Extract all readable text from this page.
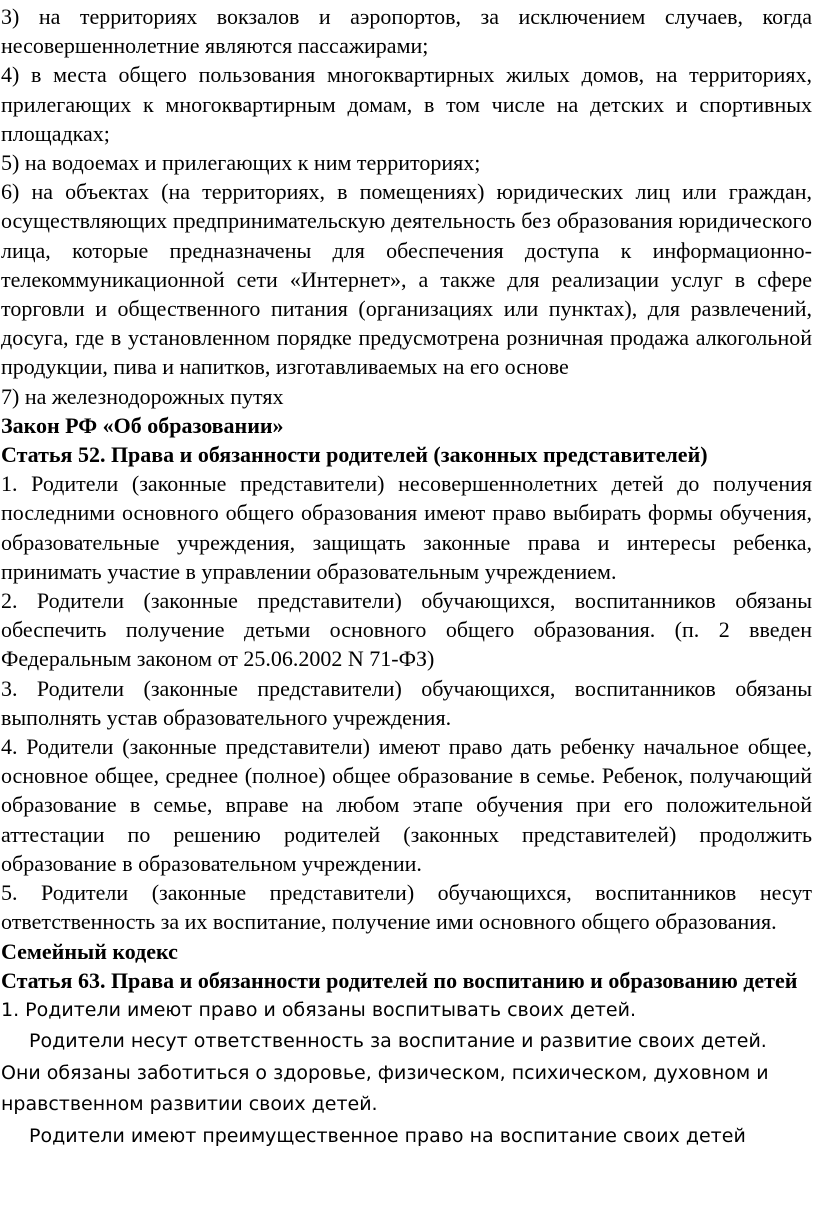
3) на территориях вокзалов и аэропортов, за исключением случаев, когда несовершеннолетние являются пассажирами;

4) в места общего пользования многоквартирных жилых домов, на территориях, прилегающих к многоквартирным домам, в том числе на детских и спортивных площадках;

5) на водоемах и прилегающих к ним территориях;

6) на объектах (на территориях, в помещениях) юридических лиц или граждан, осуществляющих предпринимательскую деятельность без образования юридического лица, которые предназначены для обеспечения доступа к информационно-телекоммуникационной сети «Интернет», а также для реализации услуг в сфере торговли и общественного питания (организациях или пунктах), для развлечений, досуга, где в установленном порядке предусмотрена розничная продажа алкогольной продукции, пива и напитков, изготавливаемых на его основе

7) на железнодорожных путях

Закон РФ «Об образовании»

Статья 52. Права и обязанности родителей (законных представителей)

1. Родители (законные представители) несовершеннолетних детей до получения последними основного общего образования имеют право выбирать формы обучения, образовательные учреждения, защищать законные права и интересы ребенка, принимать участие в управлении образовательным учреждением.

2. Родители (законные представители) обучающихся, воспитанников обязаны обеспечить получение детьми основного общего образования. (п. 2 введен Федеральным законом от 25.06.2002 N 71-ФЗ)

3. Родители (законные представители) обучающихся, воспитанников обязаны выполнять устав образовательного учреждения.

4. Родители (законные представители) имеют право дать ребенку начальное общее, основное общее, среднее (полное) общее образование в семье. Ребенок, получающий образование в семье, вправе на любом этапе обучения при его положительной аттестации по решению родителей (законных представителей) продолжить образование в образовательном учреждении.

5. Родители (законные представители) обучающихся, воспитанников несут ответственность за их воспитание, получение ими основного общего образования.

Семейный кодекс

Статья 63. Права и обязанности родителей по воспитанию и образованию детей

1. Родители имеют право и обязаны воспитывать своих детей.

Родители несут ответственность за воспитание и развитие своих детей. Они обязаны заботиться о здоровье, физическом, психическом, духовном и нравственном развитии своих детей.

Родители имеют преимущественное право на воспитание своих детей
